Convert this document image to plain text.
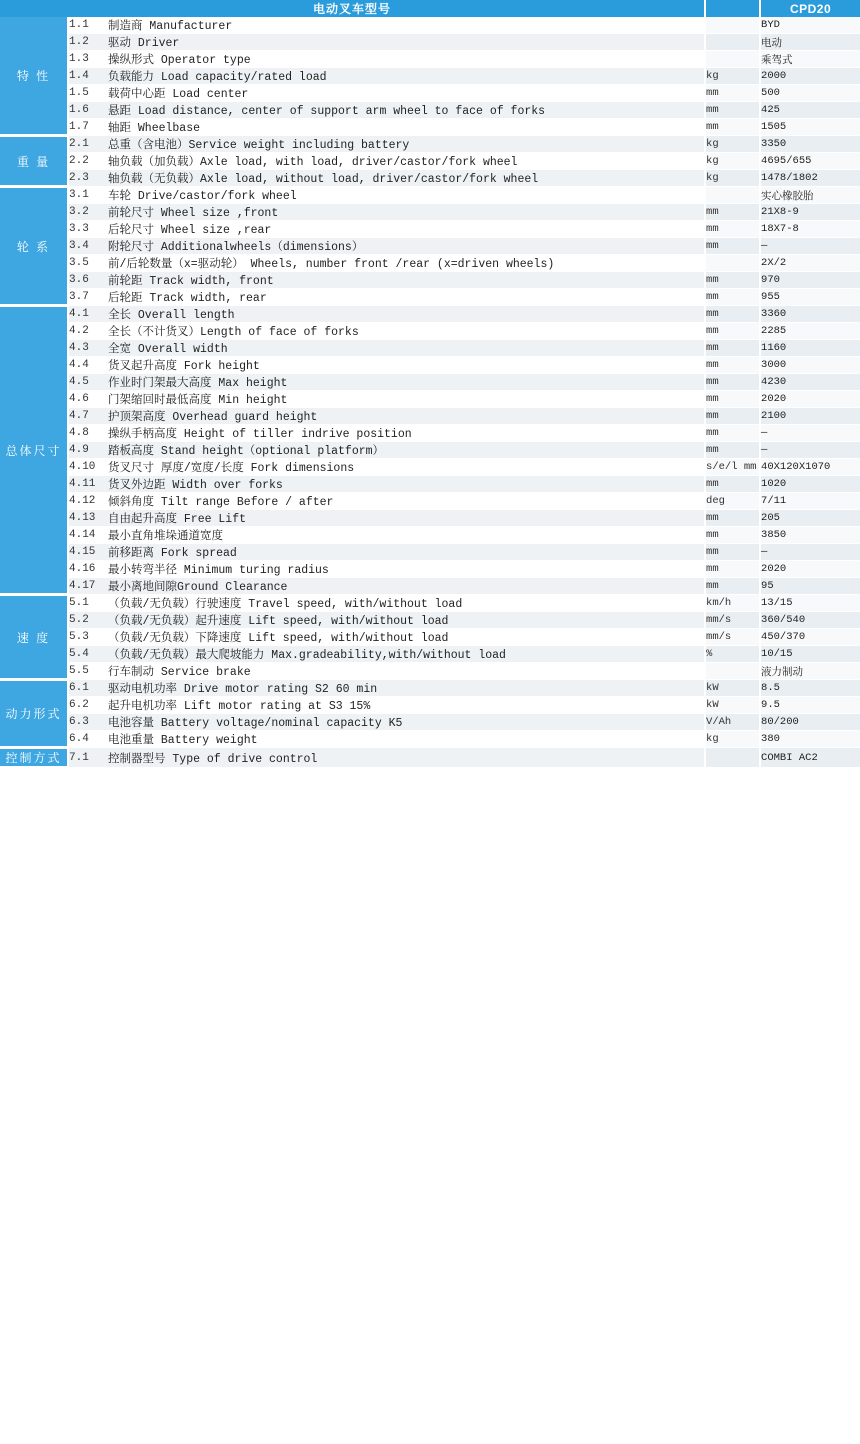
电动叉车型号				CPD20
特 性	1.1	制造商 Manufacturer		BYD
	1.2	驱动 Driver		电动
	1.3	操纵形式 Operator type		乘驾式
	1.4	负载能力 Load capacity/rated load	kg	2000
	1.5	载荷中心距 Load center	mm	500
	1.6	悬距 Load distance, center of support arm wheel to face of forks	mm	425
	1.7	轴距 Wheelbase	mm	1505
重 量	2.1	总重（含电池）Service weight including battery	kg	3350
	2.2	轴负载（加负载）Axle load, with load, driver/castor/fork wheel	kg	4695/655
	2.3	轴负载（无负载）Axle load, without load, driver/castor/fork wheel	kg	1478/1802
轮 系	3.1	车轮 Drive/castor/fork wheel		实心橡胶胎
	3.2	前轮尺寸 Wheel size ,front	mm	21X8-9
	3.3	后轮尺寸 Wheel size ,rear	mm	18X7-8
	3.4	附轮尺寸 Additionalwheels（dimensions）	mm	—
	3.5	前/后轮数量（x=驱动轮） Wheels, number front /rear (x=driven wheels)		2X/2
	3.6	前轮距 Track width, front	mm	970
	3.7	后轮距 Track width, rear	mm	955
总体尺寸	4.1	全长 Overall length	mm	3360
	4.2	全长（不计货叉）Length of face of forks	mm	2285
	4.3	全宽 Overall width	mm	1160
	4.4	货叉起升高度 Fork height	mm	3000
	4.5	作业时门架最大高度 Max height	mm	4230
	4.6	门架缩回时最低高度 Min height	mm	2020
	4.7	护顶架高度 Overhead guard height	mm	2100
	4.8	操纵手柄高度 Height of tiller indrive position	mm	—
	4.9	踏板高度 Stand height（optional platform）	mm	—
	4.10	货叉尺寸 厚度/宽度/长度 Fork dimensions	s/e/l mm	40X120X1070
	4.11	货叉外边距 Width over forks	mm	1020
	4.12	倾斜角度 Tilt range Before / after	deg	7/11
	4.13	自由起升高度 Free Lift	mm	205
	4.14	最小直角堆垛通道宽度	mm	3850
	4.15	前移距离 Fork spread	mm	—
	4.16	最小转弯半径 Minimum turing radius	mm	2020
	4.17	最小离地间隙Ground Clearance	mm	95
速 度	5.1	（负载/无负载）行驶速度 Travel speed, with/without load	km/h	13/15
	5.2	（负载/无负载）起升速度 Lift speed, with/without load	mm/s	360/540
	5.3	（负载/无负载）下降速度 Lift speed, with/without load	mm/s	450/370
	5.4	（负载/无负载）最大爬坡能力 Max.gradeability,with/without load	%	10/15
	5.5	行车制动 Service brake		液力制动
动力形式	6.1	驱动电机功率 Drive motor rating S2 60 min	kW	8.5
	6.2	起升电机功率 Lift motor rating at S3 15%	kW	9.5
	6.3	电池容量 Battery voltage/nominal capacity K5	V/Ah	80/200
	6.4	电池重量 Battery weight	kg	380
控制方式	7.1	控制器型号 Type of drive control		COMBI AC2
